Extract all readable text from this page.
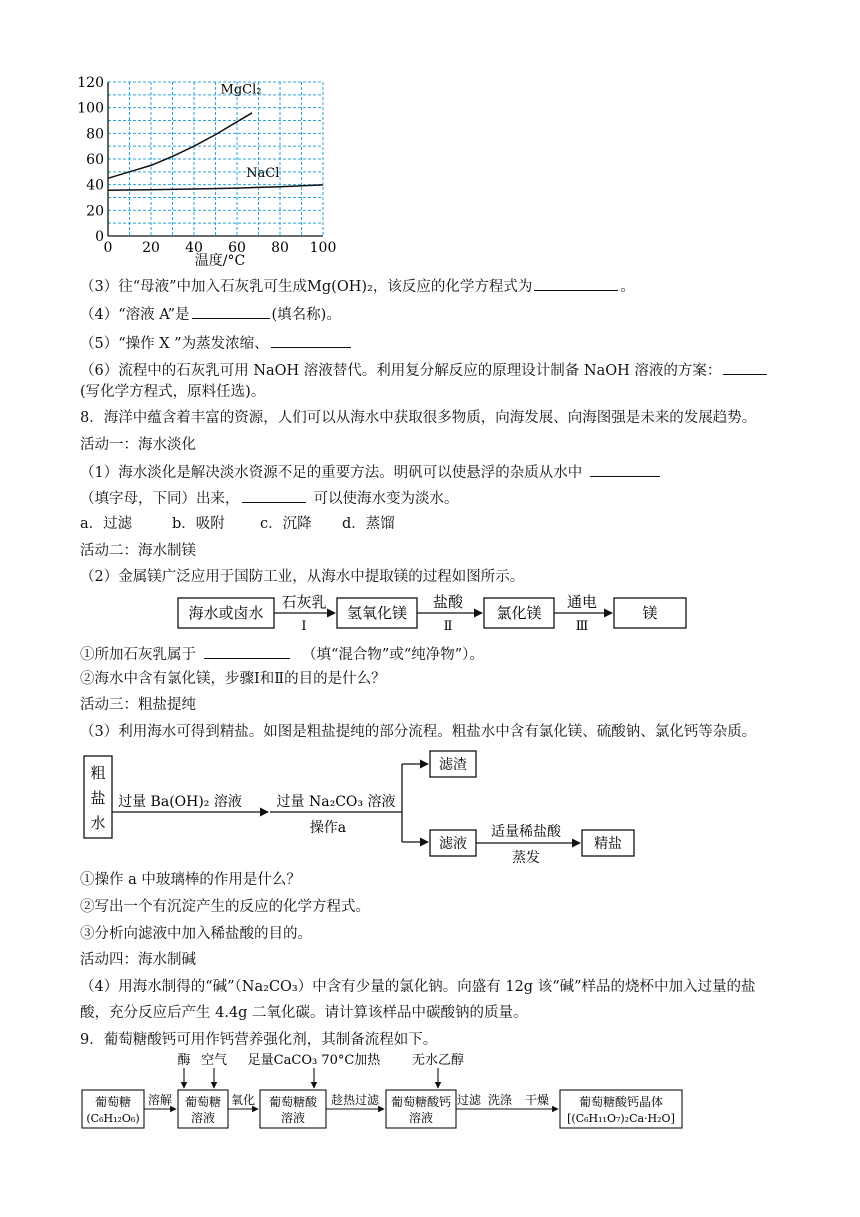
0
20
40
60
80
100
120
0 20 40 60 80 100
MgCl₂
NaCl
温度/°C
（3）往“母液”中加入石灰乳可生成Mg(OH)₂，该反应的化学方程式为	。
（4）“溶液 A”是	(填名称)。
（5）“操作 X ”为蒸发浓缩、
（6）流程中的石灰乳可用 NaOH 溶液替代。利用复分解反应的原理设计制备 NaOH 溶液的方案：
(写化学方程式，原料任选)。
8．海洋中蕴含着丰富的资源，人们可以从海水中获取很多物质，向海发展、向海图强是未来的发展趋势。
活动一：海水淡化
（1）海水淡化是解决淡水资源不足的重要方法。明矾可以使悬浮的杂质从水中
（填字母，下同）出来，	可以使海水变为淡水。
a．过滤	b．吸附 c．沉降 d．蒸馏
活动二：海水制镁
（2）金属镁广泛应用于国防工业，从海水中提取镁的过程如图所示。
海水或卤水
石灰乳
Ⅰ
氢氧化镁
盐酸
Ⅱ
氯化镁
通电
Ⅲ
镁
①所加石灰乳属于	（填“混合物”或“纯净物”）。
②海水中含有氯化镁，步骤Ⅰ和Ⅱ的目的是什么？
活动三：粗盐提纯
（3）利用海水可得到精盐。如图是粗盐提纯的部分流程。粗盐水中含有氯化镁、硫酸钠、氯化钙等杂质。
粗
盐
水
过量 Ba(OH)₂ 溶液 过量 Na₂CO₃ 溶液
操作a
滤渣
滤液
适量稀盐酸
蒸发
精盐
①操作 a 中玻璃棒的作用是什么？
②写出一个有沉淀产生的反应的化学方程式。
③分析向滤液中加入稀盐酸的目的。
活动四：海水制碱
（4）用海水制得的“碱”（Na₂CO₃）中含有少量的氯化钠。向盛有 12g 该“碱”样品的烧杯中加入过量的盐
酸，充分反应后产生 4.4g 二氧化碳。请计算该样品中碳酸钠的质量。
9．葡萄糖酸钙可用作钙营养强化剂，其制备流程如下。
酶 空气 足量CaCO₃ 70°C加热 无水乙醇
葡萄糖
(C₆H₁₂O₆)
溶解 葡萄糖
溶液
氧化 葡萄糖酸
溶液
趁热过滤 葡萄糖酸钙
溶液
过滤 洗涤 干燥 葡萄糖酸钙晶体
[(C₆H₁₁O₇)₂Ca·H₂O]
